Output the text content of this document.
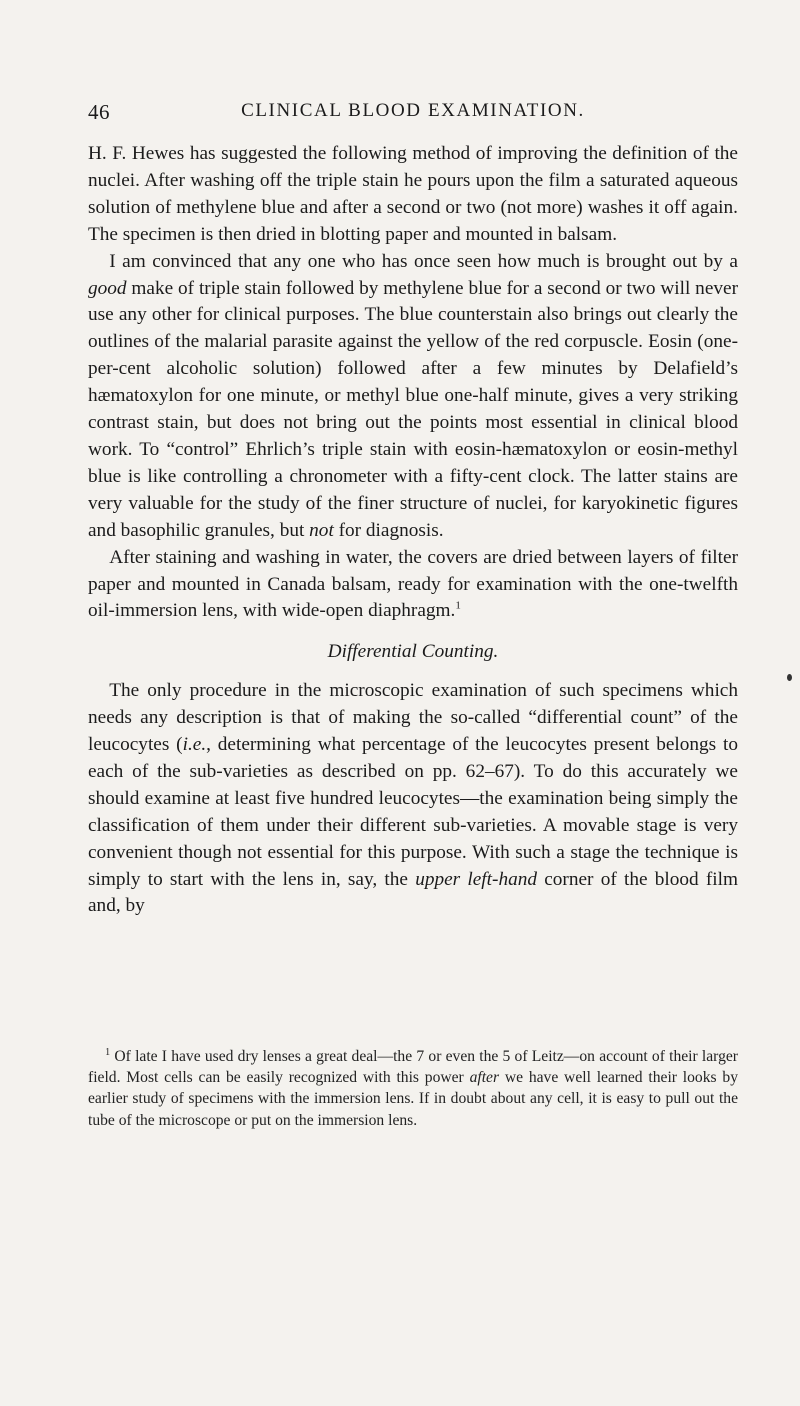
46	CLINICAL BLOOD EXAMINATION.

H. F. Hewes has suggested the following method of improving the definition of the nuclei. After washing off the triple stain he pours upon the film a saturated aqueous solution of methylene blue and after a second or two (not more) washes it off again. The specimen is then dried in blotting paper and mounted in balsam.

I am convinced that any one who has once seen how much is brought out by a good make of triple stain followed by methylene blue for a second or two will never use any other for clinical purposes. The blue counterstain also brings out clearly the outlines of the malarial parasite against the yellow of the red corpuscle. Eosin (one-per-cent alcoholic solution) followed after a few minutes by Delafield’s hæmatoxylon for one minute, or methyl blue one-half minute, gives a very striking contrast stain, but does not bring out the points most essential in clinical blood work. To “control” Ehrlich’s triple stain with eosin-hæmatoxylon or eosin-methyl blue is like controlling a chronometer with a fifty-cent clock. The latter stains are very valuable for the study of the finer structure of nuclei, for karyokinetic figures and basophilic granules, but not for diagnosis.

After staining and washing in water, the covers are dried between layers of filter paper and mounted in Canada balsam, ready for examination with the one-twelfth oil-immersion lens, with wide-open diaphragm.$^1$

Differential Counting.

The only procedure in the microscopic examination of such specimens which needs any description is that of making the so-called “differential count” of the leucocytes (i.e., determining what percentage of the leucocytes present belongs to each of the sub-varieties as described on pp. 62–67). To do this accurately we should examine at least five hundred leucocytes—the examination being simply the classification of them under their different sub-varieties. A movable stage is very convenient though not essential for this purpose. With such a stage the technique is simply to start with the lens in, say, the upper left-hand corner of the blood film and, by

$^1$ Of late I have used dry lenses a great deal—the 7 or even the 5 of Leitz—on account of their larger field. Most cells can be easily recognized with this power after we have well learned their looks by earlier study of specimens with the immersion lens. If in doubt about any cell, it is easy to pull out the tube of the microscope or put on the immersion lens.
